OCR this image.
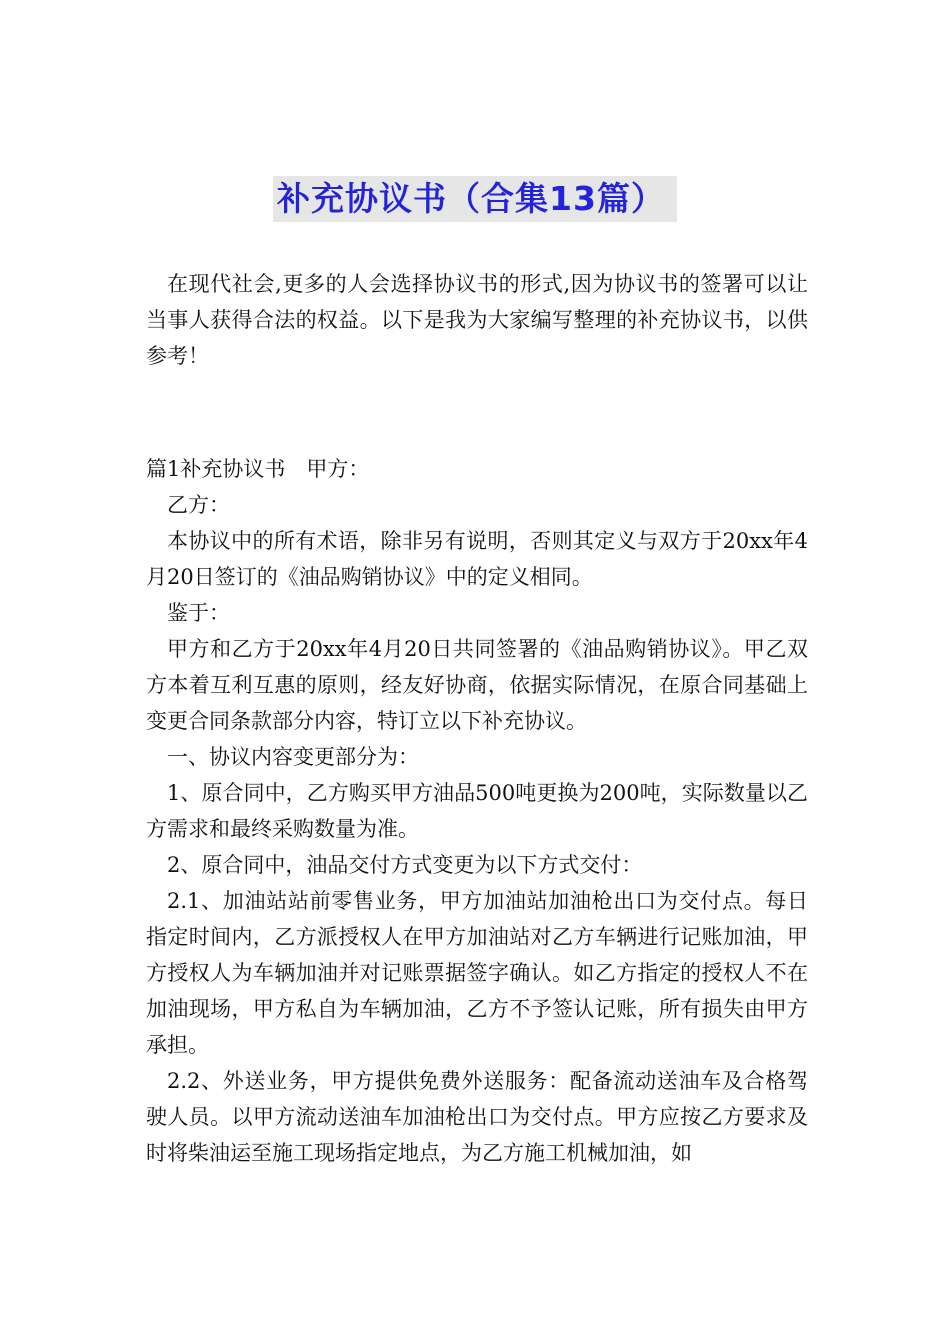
补充协议书（合集13篇）

在现代社会,更多的人会选择协议书的形式,因为协议书的签署可以让当事人获得合法的权益。以下是我为大家编写整理的补充协议书，以供参考！

篇1补充协议书　甲方：

乙方：

本协议中的所有术语，除非另有说明，否则其定义与双方于20xx年4月20日签订的《油品购销协议》中的定义相同。

鉴于：

甲方和乙方于20xx年4月20日共同签署的《油品购销协议》。甲乙双方本着互利互惠的原则，经友好协商，依据实际情况，在原合同基础上变更合同条款部分内容，特订立以下补充协议。

一、协议内容变更部分为：

1、原合同中，乙方购买甲方油品500吨更换为200吨，实际数量以乙方需求和最终采购数量为准。

2、原合同中，油品交付方式变更为以下方式交付：

2.1、加油站站前零售业务，甲方加油站加油枪出口为交付点。每日指定时间内，乙方派授权人在甲方加油站对乙方车辆进行记账加油，甲方授权人为车辆加油并对记账票据签字确认。如乙方指定的授权人不在加油现场，甲方私自为车辆加油，乙方不予签认记账，所有损失由甲方承担。

2.2、外送业务，甲方提供免费外送服务：配备流动送油车及合格驾驶人员。以甲方流动送油车加油枪出口为交付点。甲方应按乙方要求及时将柴油运至施工现场指定地点，为乙方施工机械加油，如
